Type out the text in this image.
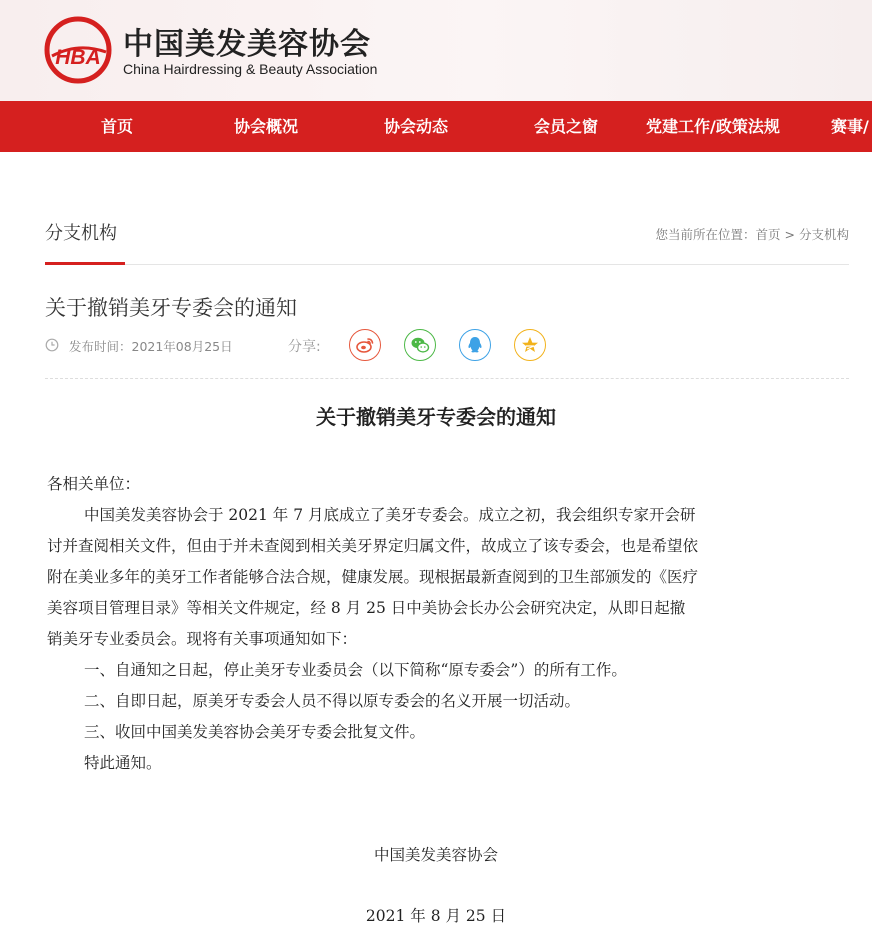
HBA 中国美发美容协会
China Hairdressing & Beauty Association
首页	协会概况	协会动态	会员之窗	党建工作/政策法规	赛事/
分支机构	您当前所在位置：首页 > 分支机构
关于撤销美牙专委会的通知
发布时间：2021年08月25日	分享:
关于撤销美牙专委会的通知
各相关单位：
中国美发美容协会于 2021 年 7 月底成立了美牙专委会。成立之初，我会组织专家开会研
讨并查阅相关文件，但由于并未查阅到相关美牙界定归属文件，故成立了该专委会，也是希望依
附在美业多年的美牙工作者能够合法合规，健康发展。现根据最新查阅到的卫生部颁发的《医疗
美容项目管理目录》等相关文件规定，经 8 月 25 日中美协会长办公会研究决定，从即日起撤
销美牙专业委员会。现将有关事项通知如下：
一、自通知之日起，停止美牙专业委员会（以下简称“原专委会”）的所有工作。
二、自即日起，原美牙专委会人员不得以原专委会的名义开展一切活动。
三、收回中国美发美容协会美牙专委会批复文件。
特此通知。
中国美发美容协会
2021 年 8 月 25 日
